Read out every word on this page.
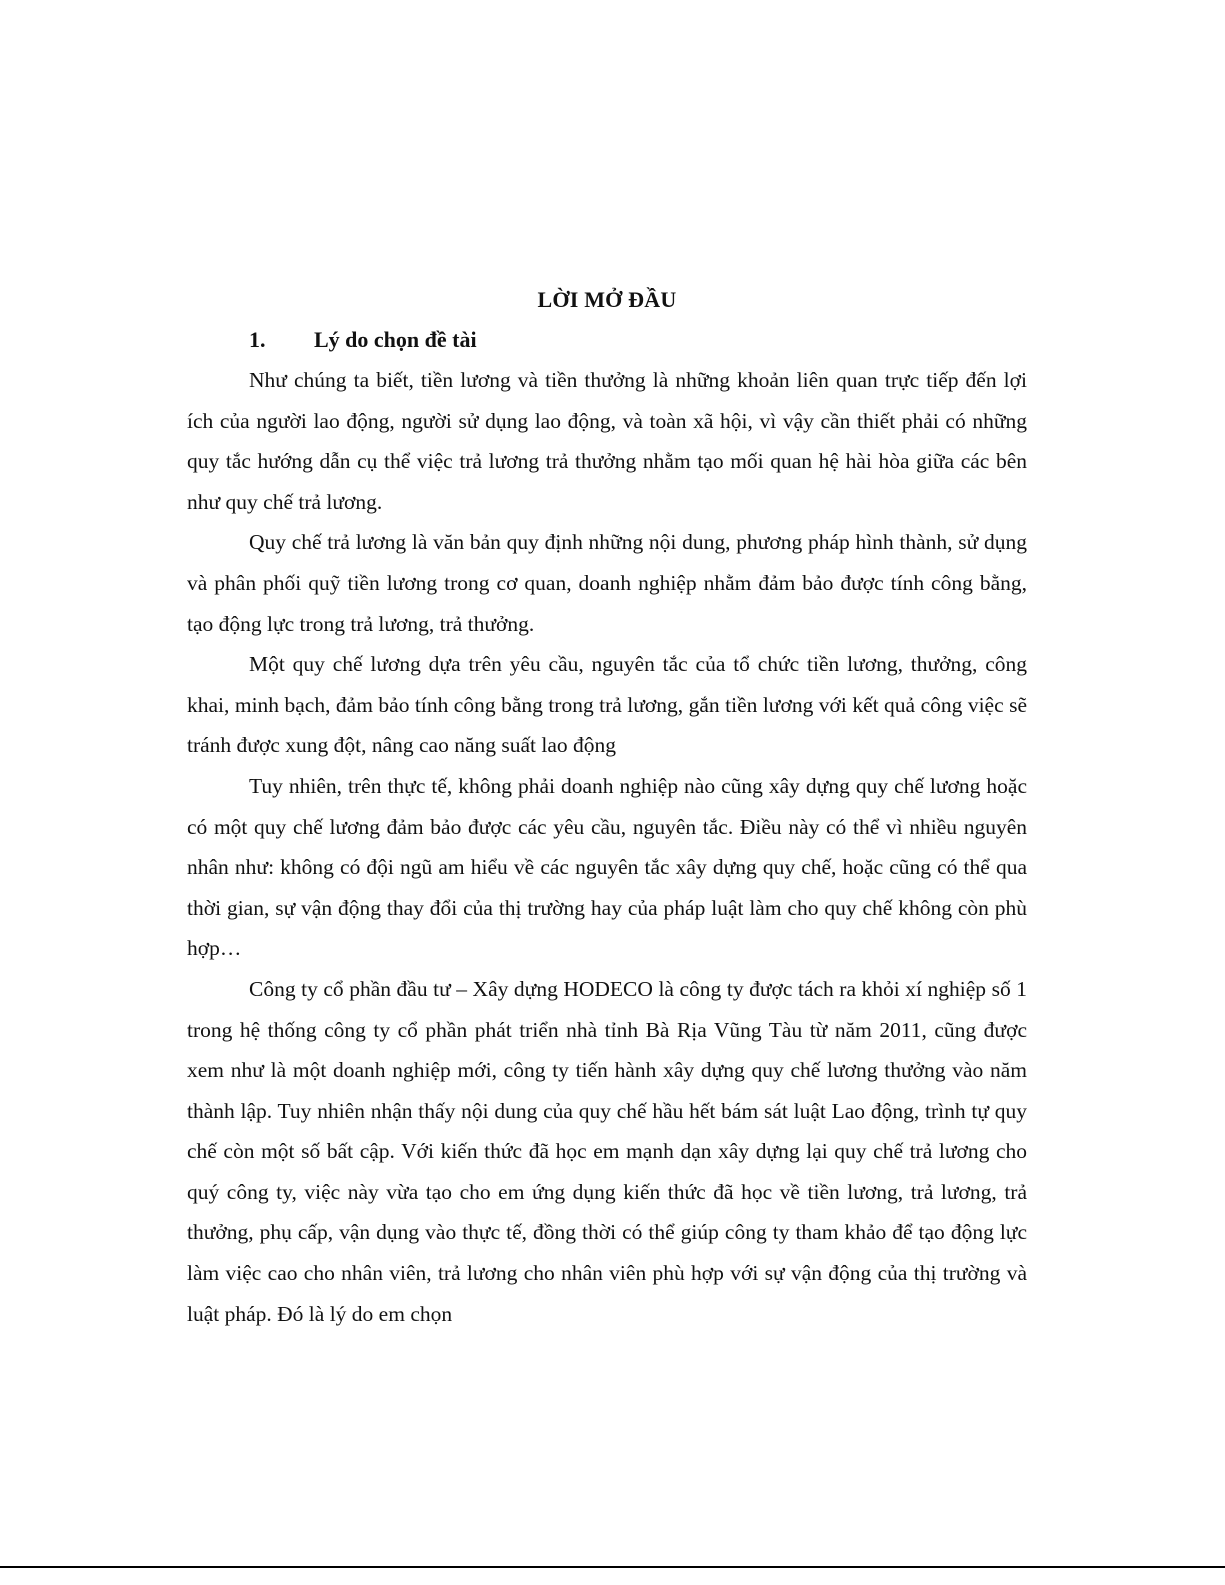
LỜI MỞ ĐẦU
1. Lý do chọn đề tài

Như chúng ta biết, tiền lương và tiền thưởng là những khoản liên quan trực tiếp đến lợi ích của người lao động, người sử dụng lao động, và toàn xã hội, vì vậy cần thiết phải có những quy tắc hướng dẫn cụ thể việc trả lương trả thưởng nhằm tạo mối quan hệ hài hòa giữa các bên như quy chế trả lương.

Quy chế trả lương là văn bản quy định những nội dung, phương pháp hình thành, sử dụng và phân phối quỹ tiền lương trong cơ quan, doanh nghiệp nhằm đảm bảo được tính công bằng, tạo động lực trong trả lương, trả thưởng.

Một quy chế lương dựa trên yêu cầu, nguyên tắc của tổ chức tiền lương, thưởng, công khai, minh bạch, đảm bảo tính công bằng trong trả lương, gắn tiền lương với kết quả công việc sẽ tránh được xung đột, nâng cao năng suất lao động

Tuy nhiên, trên thực tế, không phải doanh nghiệp nào cũng xây dựng quy chế lương hoặc có một quy chế lương đảm bảo được các yêu cầu, nguyên tắc. Điều này có thể vì nhiều nguyên nhân như: không có đội ngũ am hiểu về các nguyên tắc xây dựng quy chế, hoặc cũng có thể qua thời gian, sự vận động thay đổi của thị trường hay của pháp luật làm cho quy chế không còn phù hợp…

Công ty cổ phần đầu tư – Xây dựng HODECO là công ty được tách ra khỏi xí nghiệp số 1 trong hệ thống công ty cổ phần phát triển nhà tỉnh Bà Rịa Vũng Tàu từ năm 2011, cũng được xem như là một doanh nghiệp mới, công ty tiến hành xây dựng quy chế lương thưởng vào năm thành lập. Tuy nhiên nhận thấy nội dung của quy chế hầu hết bám sát luật Lao động, trình tự quy chế còn một số bất cập. Với kiến thức đã học em mạnh dạn xây dựng lại quy chế trả lương cho quý công ty, việc này vừa tạo cho em ứng dụng kiến thức đã học về tiền lương, trả lương, trả thưởng, phụ cấp, vận dụng vào thực tế, đồng thời có thể giúp công ty tham khảo để tạo động lực làm việc cao cho nhân viên, trả lương cho nhân viên phù hợp với sự vận động của thị trường và luật pháp. Đó là lý do em chọn
